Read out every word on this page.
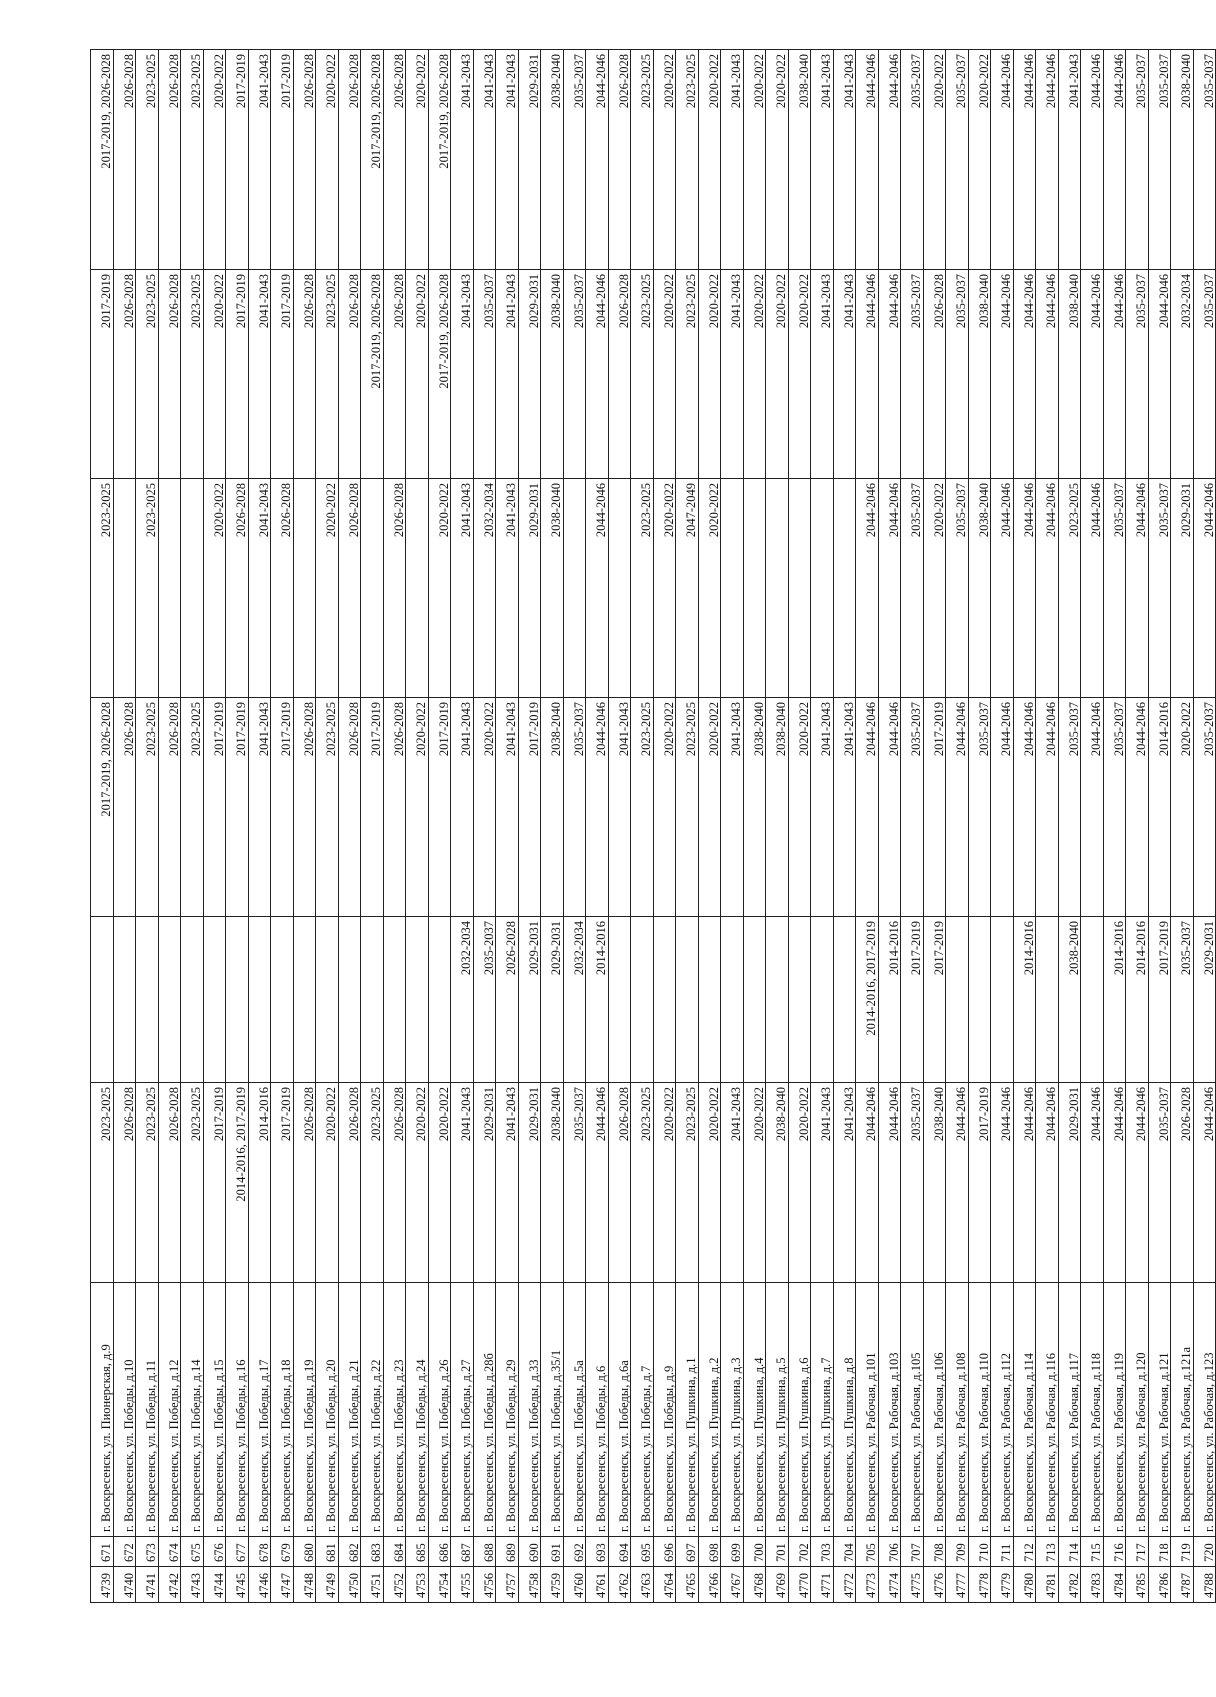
4739	671	г. Воскресенск, ул. Пионерская, д.9	2023-2025		2017-2019, 2026-2028	2023-2025	2017-2019	2017-2019, 2026-2028
4740	672	г. Воскресенск, ул. Победы, д.10	2026-2028		2026-2028		2026-2028	2026-2028
4741	673	г. Воскресенск, ул. Победы, д.11	2023-2025		2023-2025	2023-2025	2023-2025	2023-2025
4742	674	г. Воскресенск, ул. Победы, д.12	2026-2028		2026-2028		2026-2028	2026-2028
4743	675	г. Воскресенск, ул. Победы, д.14	2023-2025		2023-2025		2023-2025	2023-2025
4744	676	г. Воскресенск, ул. Победы, д.15	2017-2019		2017-2019	2020-2022	2020-2022	2020-2022
4745	677	г. Воскресенск, ул. Победы, д.16	2014-2016, 2017-2019		2017-2019	2026-2028	2017-2019	2017-2019
4746	678	г. Воскресенск, ул. Победы, д.17	2014-2016		2041-2043	2041-2043	2041-2043	2041-2043
4747	679	г. Воскресенск, ул. Победы, д.18	2017-2019		2017-2019	2026-2028	2017-2019	2017-2019
4748	680	г. Воскресенск, ул. Победы, д.19	2026-2028		2026-2028		2026-2028	2026-2028
4749	681	г. Воскресенск, ул. Победы, д.20	2020-2022		2023-2025	2020-2022	2023-2025	2020-2022
4750	682	г. Воскресенск, ул. Победы, д.21	2026-2028		2026-2028	2026-2028	2026-2028	2026-2028
4751	683	г. Воскресенск, ул. Победы, д.22	2023-2025		2017-2019		2017-2019, 2026-2028	2017-2019, 2026-2028
4752	684	г. Воскресенск, ул. Победы, д.23	2026-2028		2026-2028	2026-2028	2026-2028	2026-2028
4753	685	г. Воскресенск, ул. Победы, д.24	2020-2022		2020-2022		2020-2022	2020-2022
4754	686	г. Воскресенск, ул. Победы, д.26	2020-2022		2017-2019	2020-2022	2017-2019, 2026-2028	2017-2019, 2026-2028
4755	687	г. Воскресенск, ул. Победы, д.27	2041-2043	2032-2034	2041-2043	2041-2043	2041-2043	2041-2043
4756	688	г. Воскресенск, ул. Победы, д.28б	2029-2031	2035-2037	2020-2022	2032-2034	2035-2037	2041-2043
4757	689	г. Воскресенск, ул. Победы, д.29	2041-2043	2026-2028	2041-2043	2041-2043	2041-2043	2041-2043
4758	690	г. Воскресенск, ул. Победы, д.33	2029-2031	2029-2031	2017-2019	2029-2031	2029-2031	2029-2031
4759	691	г. Воскресенск, ул. Победы, д.35/1	2038-2040	2029-2031	2038-2040	2038-2040	2038-2040	2038-2040
4760	692	г. Воскресенск, ул. Победы, д.5а	2035-2037	2032-2034	2035-2037		2035-2037	2035-2037
4761	693	г. Воскресенск, ул. Победы, д.6	2044-2046	2014-2016	2044-2046	2044-2046	2044-2046	2044-2046
4762	694	г. Воскресенск, ул. Победы, д.6а	2026-2028		2041-2043		2026-2028	2026-2028
4763	695	г. Воскресенск, ул. Победы, д.7	2023-2025		2023-2025	2023-2025	2023-2025	2023-2025
4764	696	г. Воскресенск, ул. Победы, д.9	2020-2022		2020-2022	2020-2022	2020-2022	2020-2022
4765	697	г. Воскресенск, ул. Пушкина, д.1	2023-2025		2023-2025	2047-2049	2023-2025	2023-2025
4766	698	г. Воскресенск, ул. Пушкина, д.2	2020-2022		2020-2022	2020-2022	2020-2022	2020-2022
4767	699	г. Воскресенск, ул. Пушкина, д.3	2041-2043		2041-2043		2041-2043	2041-2043
4768	700	г. Воскресенск, ул. Пушкина, д.4	2020-2022		2038-2040		2020-2022	2020-2022
4769	701	г. Воскресенск, ул. Пушкина, д.5	2038-2040		2038-2040		2020-2022	2020-2022
4770	702	г. Воскресенск, ул. Пушкина, д.6	2020-2022		2020-2022		2020-2022	2038-2040
4771	703	г. Воскресенск, ул. Пушкина, д.7	2041-2043		2041-2043		2041-2043	2041-2043
4772	704	г. Воскресенск, ул. Пушкина, д.8	2041-2043		2041-2043		2041-2043	2041-2043
4773	705	г. Воскресенск, ул. Рабочая, д.101	2044-2046	2014-2016, 2017-2019	2044-2046	2044-2046	2044-2046	2044-2046
4774	706	г. Воскресенск, ул. Рабочая, д.103	2044-2046	2014-2016	2044-2046	2044-2046	2044-2046	2044-2046
4775	707	г. Воскресенск, ул. Рабочая, д.105	2035-2037	2017-2019	2035-2037	2035-2037	2035-2037	2035-2037
4776	708	г. Воскресенск, ул. Рабочая, д.106	2038-2040	2017-2019	2017-2019	2020-2022	2026-2028	2020-2022
4777	709	г. Воскресенск, ул. Рабочая, д.108	2044-2046		2044-2046	2035-2037	2035-2037	2035-2037
4778	710	г. Воскресенск, ул. Рабочая, д.110	2017-2019		2035-2037	2038-2040	2038-2040	2020-2022
4779	711	г. Воскресенск, ул. Рабочая, д.112	2044-2046		2044-2046	2044-2046	2044-2046	2044-2046
4780	712	г. Воскресенск, ул. Рабочая, д.114	2044-2046	2014-2016	2044-2046	2044-2046	2044-2046	2044-2046
4781	713	г. Воскресенск, ул. Рабочая, д.116	2044-2046		2044-2046	2044-2046	2044-2046	2044-2046
4782	714	г. Воскресенск, ул. Рабочая, д.117	2029-2031	2038-2040	2035-2037	2023-2025	2038-2040	2041-2043
4783	715	г. Воскресенск, ул. Рабочая, д.118	2044-2046		2044-2046	2044-2046	2044-2046	2044-2046
4784	716	г. Воскресенск, ул. Рабочая, д.119	2044-2046	2014-2016	2035-2037	2035-2037	2044-2046	2044-2046
4785	717	г. Воскресенск, ул. Рабочая, д.120	2044-2046	2014-2016	2044-2046	2044-2046	2035-2037	2035-2037
4786	718	г. Воскресенск, ул. Рабочая, д.121	2035-2037	2017-2019	2014-2016	2035-2037	2044-2046	2035-2037
4787	719	г. Воскресенск, ул. Рабочая, д.121а	2026-2028	2035-2037	2020-2022	2029-2031	2032-2034	2038-2040
4788	720	г. Воскресенск, ул. Рабочая, д.123	2044-2046	2029-2031	2035-2037	2044-2046	2035-2037	2035-2037
